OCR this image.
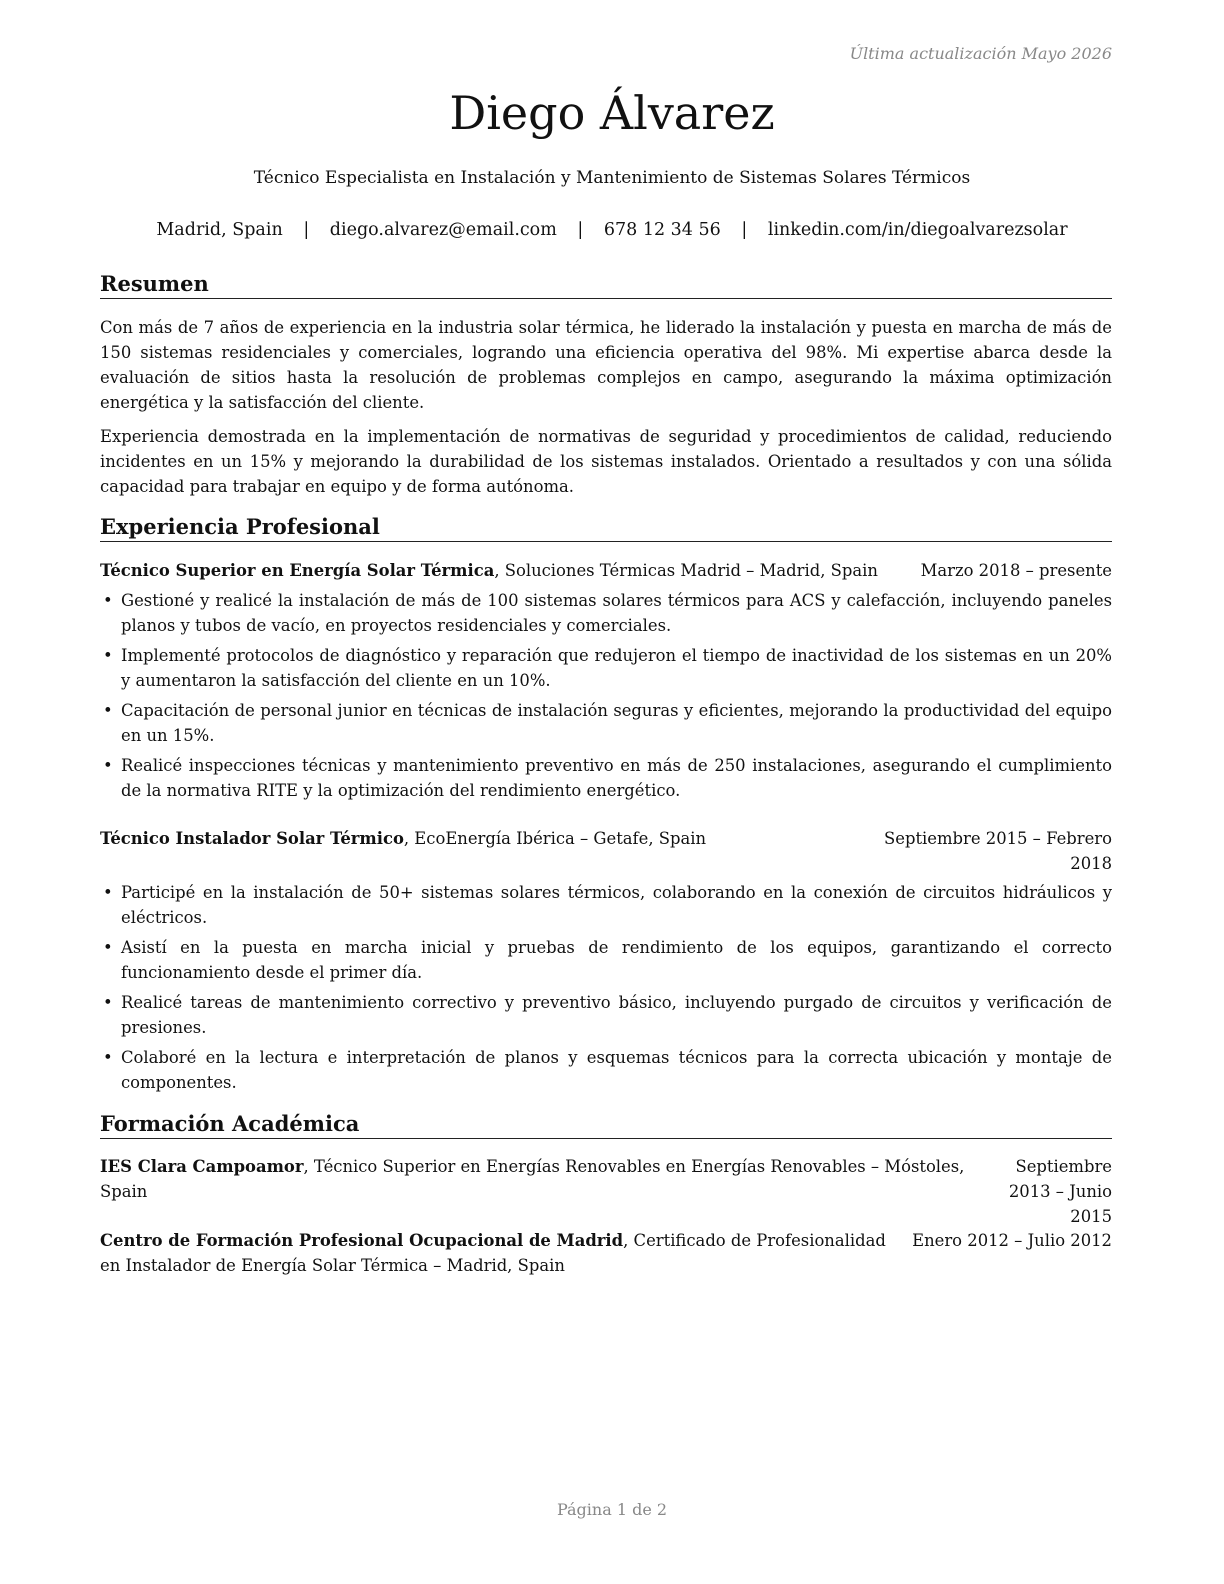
Última actualización Mayo 2026
Diego Álvarez
Técnico Especialista en Instalación y Mantenimiento de Sistemas Solares Térmicos
Madrid, Spain | diego.alvarez@email.com | 678 12 34 56 | linkedin.com/in/diegoalvarezsolar
Resumen
Con más de 7 años de experiencia en la industria solar térmica, he liderado la instalación y puesta en marcha de más de 150 sistemas residenciales y comerciales, logrando una eficiencia operativa del 98%. Mi expertise abarca desde la evaluación de sitios hasta la resolución de problemas complejos en campo, asegurando la máxima optimización energética y la satisfacción del cliente.
Experiencia demostrada en la implementación de normativas de seguridad y procedimientos de calidad, reduciendo incidentes en un 15% y mejorando la durabilidad de los sistemas instalados. Orientado a resultados y con una sólida capacidad para trabajar en equipo y de forma autónoma.
Experiencia Profesional
Técnico Superior en Energía Solar Térmica, Soluciones Térmicas Madrid – Madrid, Spain	Marzo 2018 – presente
• Gestioné y realicé la instalación de más de 100 sistemas solares térmicos para ACS y calefacción, incluyendo paneles planos y tubos de vacío, en proyectos residenciales y comerciales.
• Implementé protocolos de diagnóstico y reparación que redujeron el tiempo de inactividad de los sistemas en un 20% y aumentaron la satisfacción del cliente en un 10%.
• Capacitación de personal junior en técnicas de instalación seguras y eficientes, mejorando la productividad del equipo en un 15%.
• Realicé inspecciones técnicas y mantenimiento preventivo en más de 250 instalaciones, asegurando el cumplimiento de la normativa RITE y la optimización del rendimiento energético.
Técnico Instalador Solar Térmico, EcoEnergía Ibérica – Getafe, Spain	Septiembre 2015 – Febrero 2018
• Participé en la instalación de 50+ sistemas solares térmicos, colaborando en la conexión de circuitos hidráulicos y eléctricos.
• Asistí en la puesta en marcha inicial y pruebas de rendimiento de los equipos, garantizando el correcto funcionamiento desde el primer día.
• Realicé tareas de mantenimiento correctivo y preventivo básico, incluyendo purgado de circuitos y verificación de presiones.
• Colaboré en la lectura e interpretación de planos y esquemas técnicos para la correcta ubicación y montaje de componentes.
Formación Académica
IES Clara Campoamor, Técnico Superior en Energías Renovables en Energías Renovables – Móstoles, Spain
Septiembre 2013 – Junio 2015
Centro de Formación Profesional Ocupacional de Madrid, Certificado de Profesionalidad en Instalador de Energía Solar Térmica – Madrid, Spain
Enero 2012 – Julio 2012
Página 1 de 2
